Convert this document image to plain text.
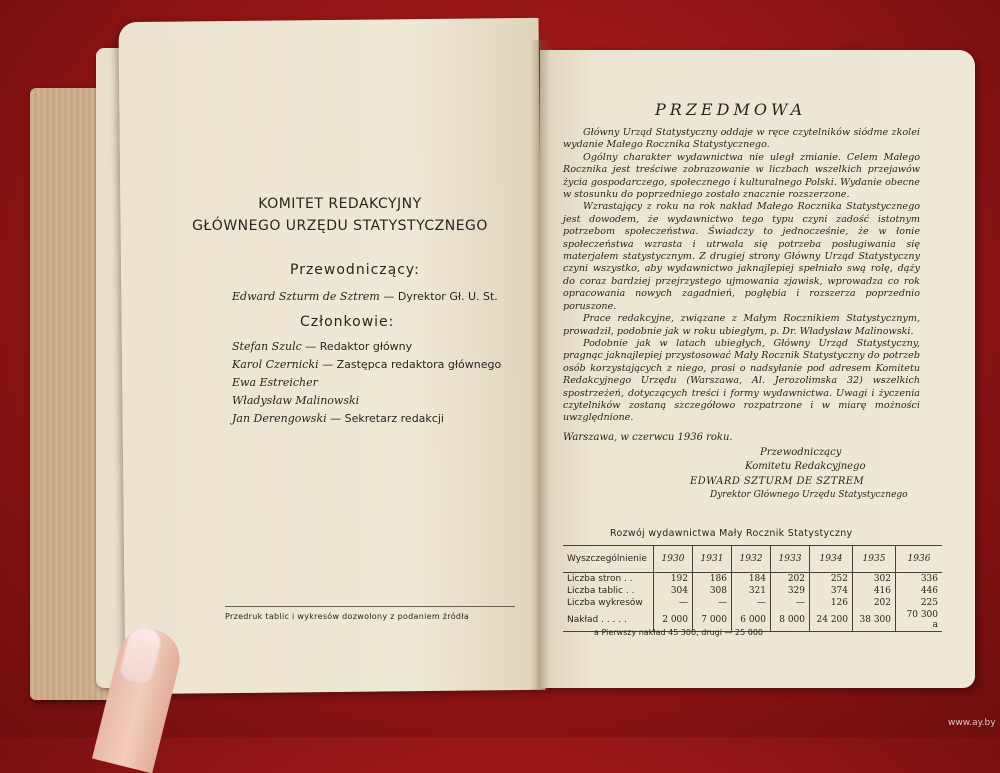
KOMITET REDAKCYJNY
GŁÓWNEGO URZĘDU STATYSTYCZNEGO
Przewodniczący:
Edward Szturm de Sztrem — Dyrektor Gł. U. St.
Członkowie:
Stefan Szulc — Redaktor główny
Karol Czernicki — Zastępca redaktora głównego
Ewa Estreicher
Władysław Malinowski
Jan Derengowski — Sekretarz redakcji
Przedruk tablic i wykresów dozwolony z podaniem źródła
PRZEDMOWA

Główny Urząd Statystyczny oddaje w ręce czytelników siódme zkolei wydanie Małego Rocznika Statystycznego.

Ogólny charakter wydawnictwa nie uległ zmianie. Celem Małego Rocznika jest treściwe zobrazowanie w liczbach wszelkich przejawów życia gospodarczego, społecznego i kulturalnego Polski. Wydanie obecne w stosunku do poprzedniego zostało znacznie rozszerzone.

Wzrastający z roku na rok nakład Małego Rocznika Statystycznego jest dowodem, że wydawnictwo tego typu czyni zadość istotnym potrzebom społeczeństwa. Świadczy to jednocześnie, że w łonie społeczeństwa wzrasta i utrwala się potrzeba posługiwania się materjałem statystycznym. Z drugiej strony Główny Urząd Statystyczny czyni wszystko, aby wydawnictwo jaknajlepiej spełniało swą rolę, dąży do coraz bardziej przejrzystego ujmowania zjawisk, wprowadza co rok opracowania nowych zagadnień, pogłębia i rozszerza poprzednio poruszone.

Prace redakcyjne, związane z Małym Rocznikiem Statystycznym, prowadził, podobnie jak w roku ubiegłym, p. Dr. Władysław Malinowski.

Podobnie jak w latach ubiegłych, Główny Urząd Statystyczny, pragnąc jaknajlepiej przystosować Mały Rocznik Statystyczny do potrzeb osób korzystających z niego, prosi o nadsyłanie pod adresem Komitetu Redakcyjnego Urzędu (Warszawa, Al. Jerozolimska 32) wszelkich spostrzeżeń, dotyczących treści i formy wydawnictwa. Uwagi i życzenia czytelników zostaną szczegółowo rozpatrzone i w miarę możności uwzględnione.

Warszawa, w czerwcu 1936 roku.
Przewodniczący
Komitetu Redakcyjnego
EDWARD SZTURM DE SZTREM
Dyrektor Głównego Urzędu Statystycznego
Rozwój wydawnictwa Mały Rocznik Statystyczny
Wyszczególnienie	1930	1931	1932	1933	1934	1935	1936
Liczba stron . .	192	186	184	202	252	302	336
Liczba tablic . .	304	308	321	329	374	416	446
Liczba wykresów	—	—	—	—	126	202	225
Nakład . . . . .	2 000	7 000	6 000	8 000	24 200	38 300	70 300 a
a Pierwszy nakład 45 300, drugi — 25 000
www.ay.by
